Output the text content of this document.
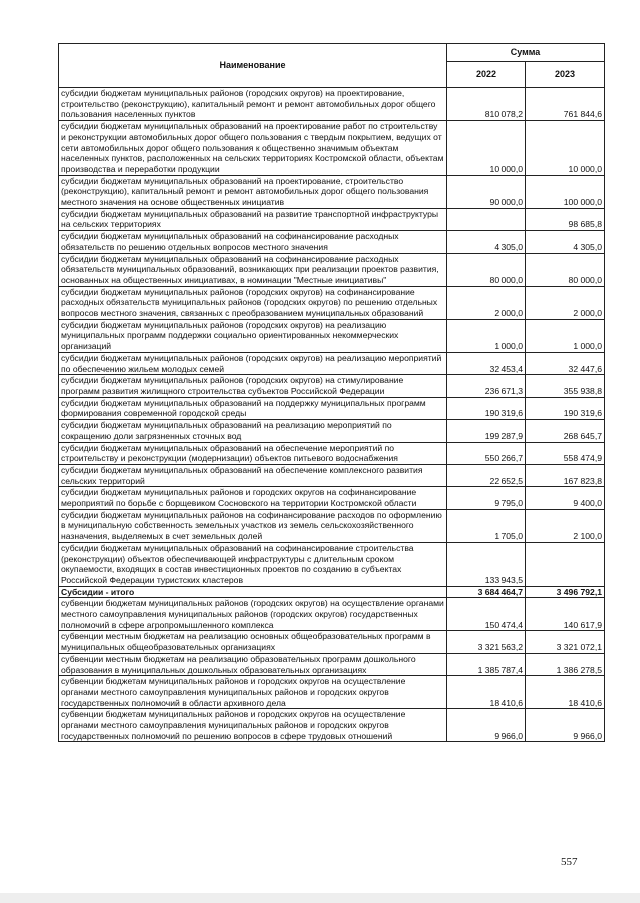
Наименование	Сумма	
	2022	2023
субсидии бюджетам муниципальных районов (городских округов) на проектирование, строительство (реконструкцию), капитальный ремонт и ремонт автомобильных дорог общего пользования населенных пунктов	810 078,2	761 844,6
субсидии бюджетам муниципальных образований на проектирование работ по строительству и реконструкции автомобильных дорог общего пользования с твердым покрытием, ведущих от сети автомобильных дорог общего пользования к общественно значимым объектам населенных пунктов, расположенных на сельских территориях Костромской области, объектам производства и переработки продукции	10 000,0	10 000,0
субсидии бюджетам муниципальных образований на проектирование, строительство (реконструкцию), капитальный ремонт и ремонт автомобильных дорог общего пользования местного значения на основе общественных инициатив	90 000,0	100 000,0
субсидии бюджетам муниципальных образований на развитие транспортной инфраструктуры на сельских территориях		98 685,8
субсидии бюджетам муниципальных образований на софинансирование расходных обязательств по решению отдельных вопросов местного значения	4 305,0	4 305,0
субсидии бюджетам муниципальных образований на софинансирование расходных обязательств муниципальных образований, возникающих при реализации проектов развития, основанных на общественных инициативах, в номинации "Местные инициативы"	80 000,0	80 000,0
субсидии бюджетам муниципальных районов (городских округов) на софинансирование расходных обязательств муниципальных районов (городских округов) по решению отдельных вопросов местного значения, связанных с преобразованием муниципальных образований	2 000,0	2 000,0
субсидии бюджетам муниципальных районов (городских округов) на реализацию муниципальных программ поддержки социально ориентированных некоммерческих организаций	1 000,0	1 000,0
субсидии бюджетам муниципальных районов (городских округов) на реализацию мероприятий по обеспечению жильем молодых семей	32 453,4	32 447,6
субсидии бюджетам муниципальных районов (городских округов) на стимулирование программ развития жилищного строительства субъектов Российской Федерации	236 671,3	355 938,8
субсидии бюджетам муниципальных образований на поддержку муниципальных программ формирования современной городской среды	190 319,6	190 319,6
субсидии бюджетам муниципальных образований на реализацию мероприятий по сокращению доли загрязненных сточных вод	199 287,9	268 645,7
субсидии бюджетам муниципальных образований на обеспечение мероприятий по строительству и реконструкции (модернизации) объектов питьевого водоснабжения	550 266,7	558 474,9
субсидии бюджетам муниципальных образований на обеспечение комплексного развития сельских территорий	22 652,5	167 823,8
субсидии бюджетам муниципальных районов и городских округов на софинансирование мероприятий по борьбе с борщевиком Сосновского на территории Костромской области	9 795,0	9 400,0
субсидии бюджетам муниципальных районов на софинансирование расходов по оформлению в муниципальную собственность земельных участков из земель сельскохозяйственного назначения, выделяемых в счет земельных долей	1 705,0	2 100,0
субсидии бюджетам муниципальных образований на софинансирование строительства (реконструкции) объектов обеспечивающей инфраструктуры с длительным сроком окупаемости, входящих в состав инвестиционных проектов по созданию в субъектах Российской Федерации туристских кластеров	133 943,5	
Субсидии - итого	3 684 464,7	3 496 792,1
субвенции бюджетам муниципальных районов (городских округов) на осуществление органами местного самоуправления муниципальных районов (городских округов) государственных полномочий в сфере агропромышленного комплекса	150 474,4	140 617,9
субвенции местным бюджетам на реализацию основных общеобразовательных программ в муниципальных общеобразовательных организациях	3 321 563,2	3 321 072,1
субвенции местным бюджетам на реализацию образовательных программ дошкольного образования в муниципальных дошкольных образовательных организациях	1 385 787,4	1 386 278,5
субвенции бюджетам муниципальных районов и городских округов на осуществление органами местного самоуправления муниципальных районов и городских округов государственных полномочий в области архивного дела	18 410,6	18 410,6
субвенции бюджетам муниципальных районов и городских округов на осуществление органами местного самоуправления муниципальных районов и городских округов государственных полномочий по решению вопросов в сфере трудовых отношений	9 966,0	9 966,0
557
